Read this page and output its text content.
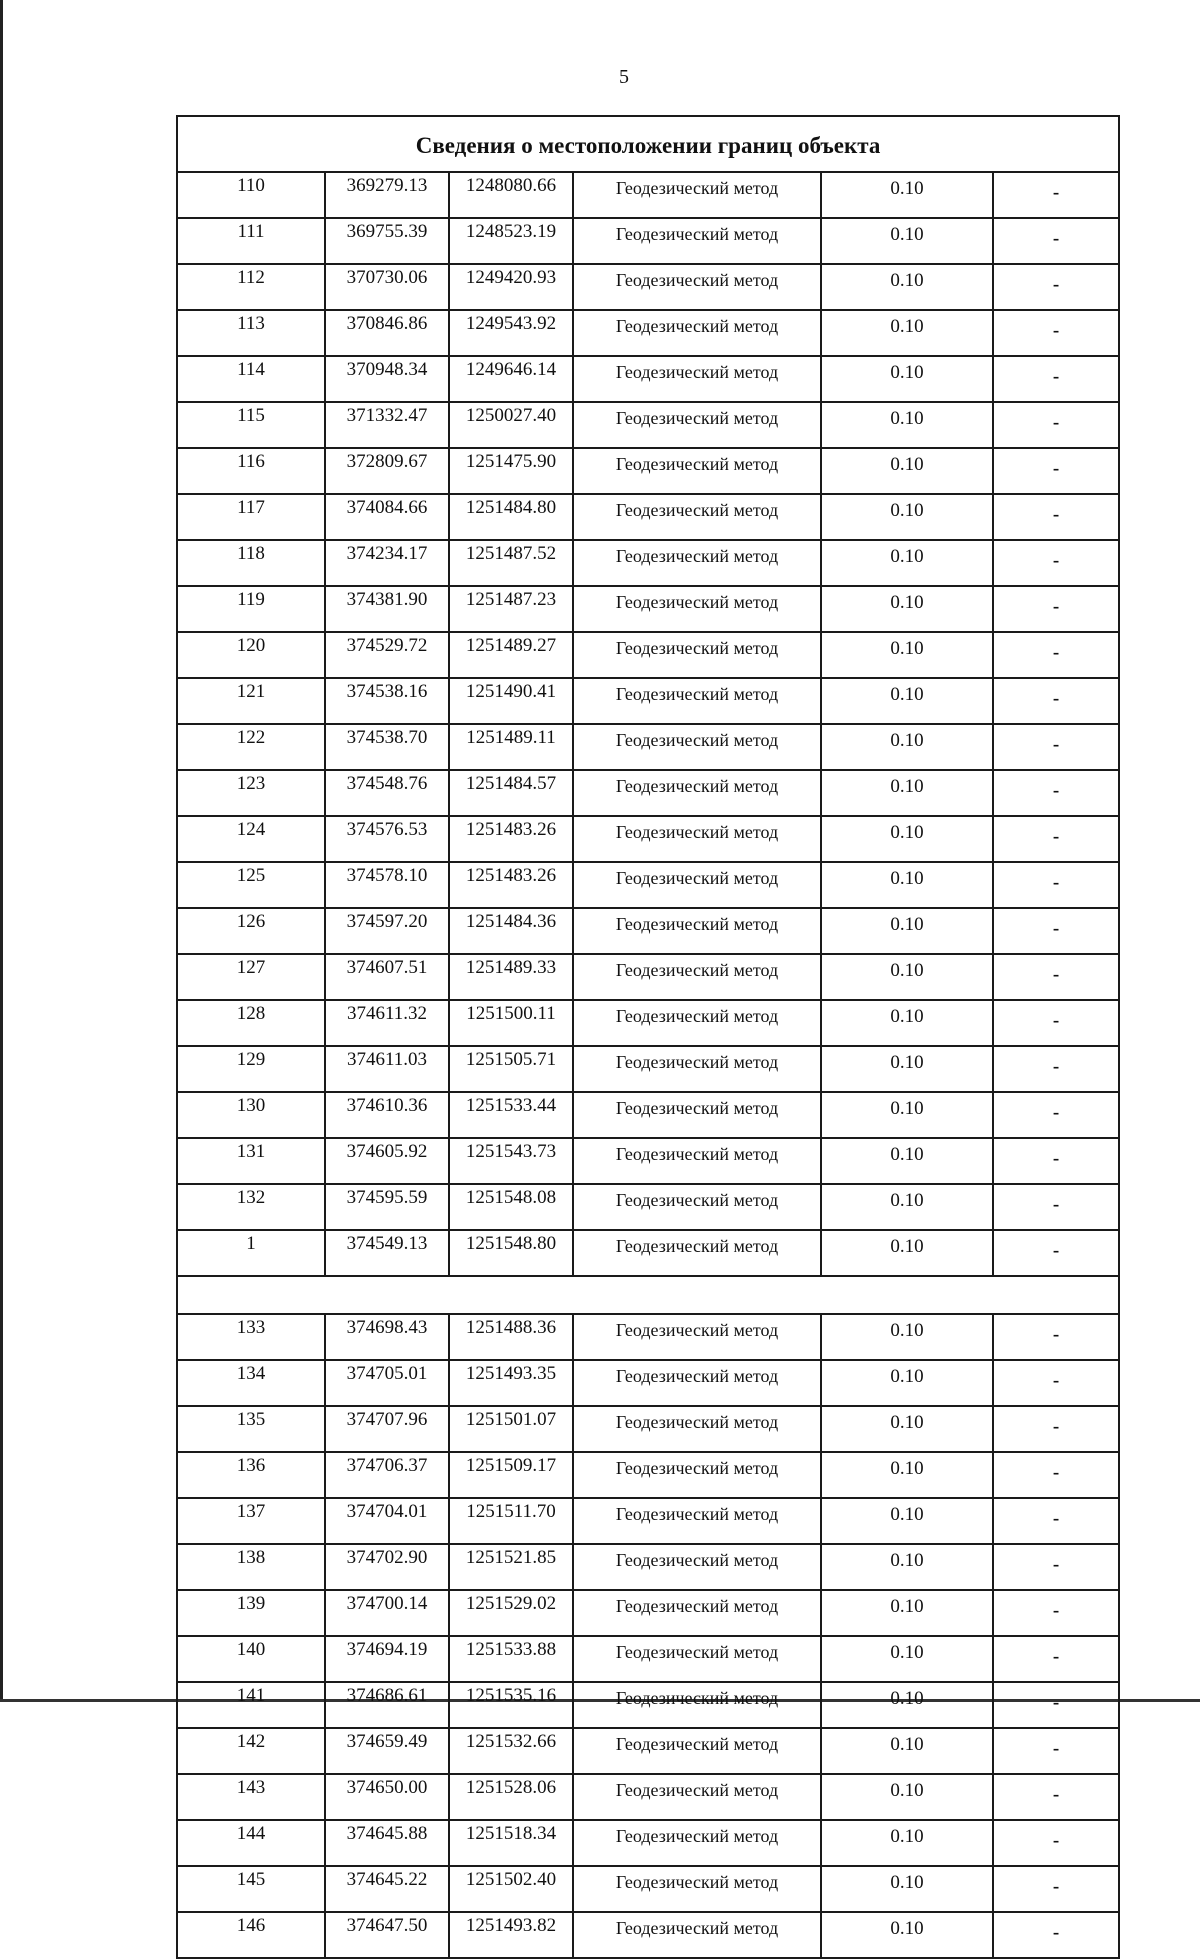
5
Сведения о местоположении границ объекта					
110	369279.13	1248080.66	Геодезический метод	0.10	-
111	369755.39	1248523.19	Геодезический метод	0.10	-
112	370730.06	1249420.93	Геодезический метод	0.10	-
113	370846.86	1249543.92	Геодезический метод	0.10	-
114	370948.34	1249646.14	Геодезический метод	0.10	-
115	371332.47	1250027.40	Геодезический метод	0.10	-
116	372809.67	1251475.90	Геодезический метод	0.10	-
117	374084.66	1251484.80	Геодезический метод	0.10	-
118	374234.17	1251487.52	Геодезический метод	0.10	-
119	374381.90	1251487.23	Геодезический метод	0.10	-
120	374529.72	1251489.27	Геодезический метод	0.10	-
121	374538.16	1251490.41	Геодезический метод	0.10	-
122	374538.70	1251489.11	Геодезический метод	0.10	-
123	374548.76	1251484.57	Геодезический метод	0.10	-
124	374576.53	1251483.26	Геодезический метод	0.10	-
125	374578.10	1251483.26	Геодезический метод	0.10	-
126	374597.20	1251484.36	Геодезический метод	0.10	-
127	374607.51	1251489.33	Геодезический метод	0.10	-
128	374611.32	1251500.11	Геодезический метод	0.10	-
129	374611.03	1251505.71	Геодезический метод	0.10	-
130	374610.36	1251533.44	Геодезический метод	0.10	-
131	374605.92	1251543.73	Геодезический метод	0.10	-
132	374595.59	1251548.08	Геодезический метод	0.10	-
1	374549.13	1251548.80	Геодезический метод	0.10	-

133	374698.43	1251488.36	Геодезический метод	0.10	-
134	374705.01	1251493.35	Геодезический метод	0.10	-
135	374707.96	1251501.07	Геодезический метод	0.10	-
136	374706.37	1251509.17	Геодезический метод	0.10	-
137	374704.01	1251511.70	Геодезический метод	0.10	-
138	374702.90	1251521.85	Геодезический метод	0.10	-
139	374700.14	1251529.02	Геодезический метод	0.10	-
140	374694.19	1251533.88	Геодезический метод	0.10	-
141	374686.61	1251535.16	Геодезический метод	0.10	-
142	374659.49	1251532.66	Геодезический метод	0.10	-
143	374650.00	1251528.06	Геодезический метод	0.10	-
144	374645.88	1251518.34	Геодезический метод	0.10	-
145	374645.22	1251502.40	Геодезический метод	0.10	-
146	374647.50	1251493.82	Геодезический метод	0.10	-
